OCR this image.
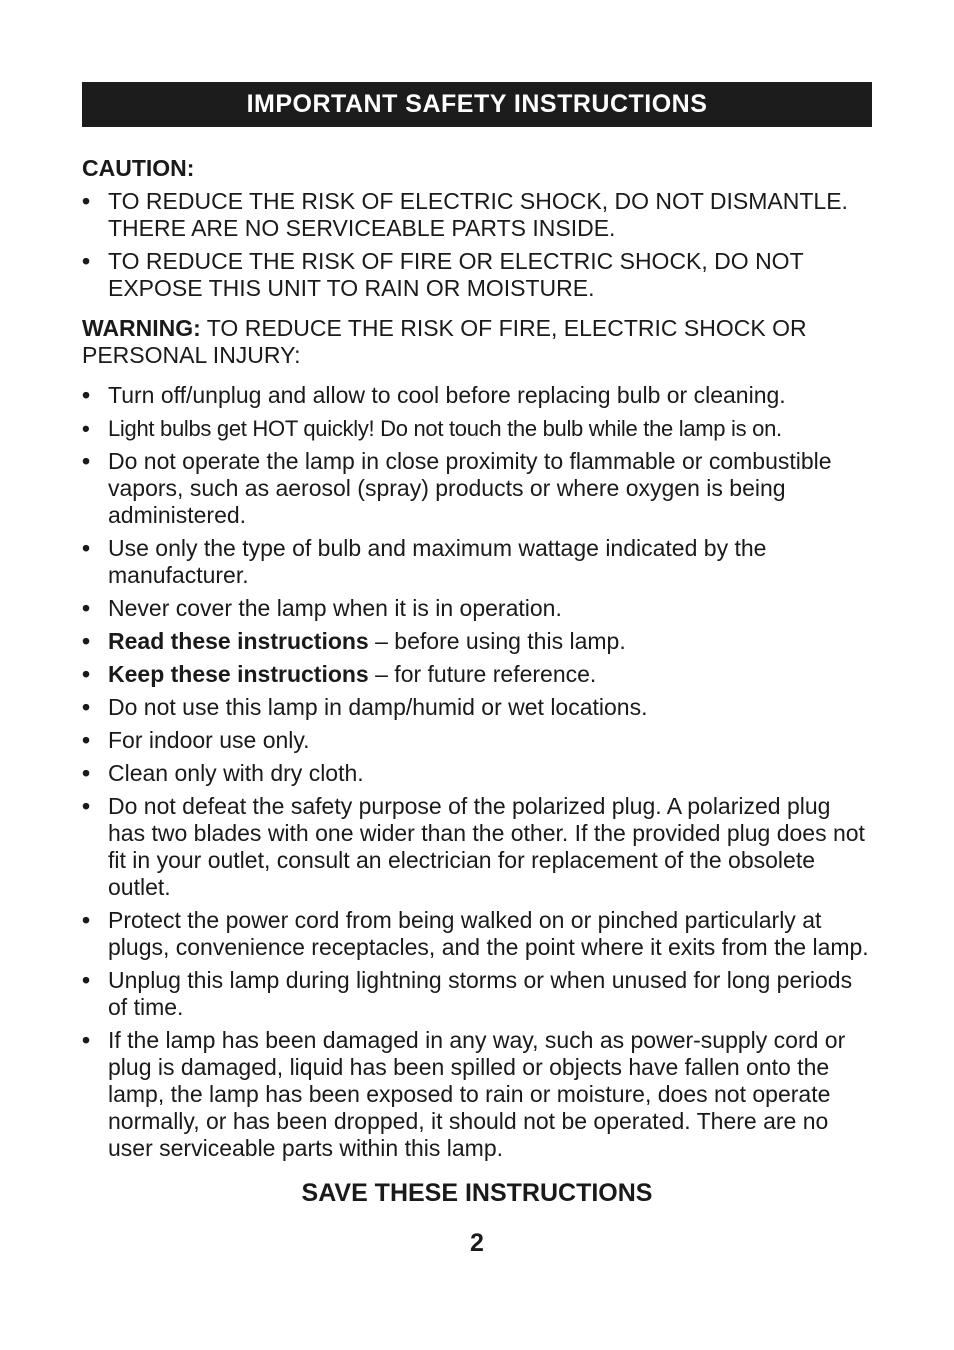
IMPORTANT SAFETY INSTRUCTIONS
CAUTION:
• TO REDUCE THE RISK OF ELECTRIC SHOCK, DO NOT DISMANTLE. THERE ARE NO SERVICEABLE PARTS INSIDE.
• TO REDUCE THE RISK OF FIRE OR ELECTRIC SHOCK, DO NOT EXPOSE THIS UNIT TO RAIN OR MOISTURE.
WARNING: TO REDUCE THE RISK OF FIRE, ELECTRIC SHOCK OR PERSONAL INJURY:
• Turn off/unplug and allow to cool before replacing bulb or cleaning.
• Light bulbs get HOT quickly! Do not touch the bulb while the lamp is on.
• Do not operate the lamp in close proximity to flammable or combustible vapors, such as aerosol (spray) products or where oxygen is being administered.
• Use only the type of bulb and maximum wattage indicated by the manufacturer.
• Never cover the lamp when it is in operation.
• Read these instructions – before using this lamp.
• Keep these instructions – for future reference.
• Do not use this lamp in damp/humid or wet locations.
• For indoor use only.
• Clean only with dry cloth.
• Do not defeat the safety purpose of the polarized plug. A polarized plug has two blades with one wider than the other. If the provided plug does not fit in your outlet, consult an electrician for replacement of the obsolete outlet.
• Protect the power cord from being walked on or pinched particularly at plugs, convenience receptacles, and the point where it exits from the lamp.
• Unplug this lamp during lightning storms or when unused for long periods of time.
• If the lamp has been damaged in any way, such as power-supply cord or plug is damaged, liquid has been spilled or objects have fallen onto the lamp, the lamp has been exposed to rain or moisture, does not operate normally, or has been dropped, it should not be operated. There are no user serviceable parts within this lamp.
SAVE THESE INSTRUCTIONS
2
